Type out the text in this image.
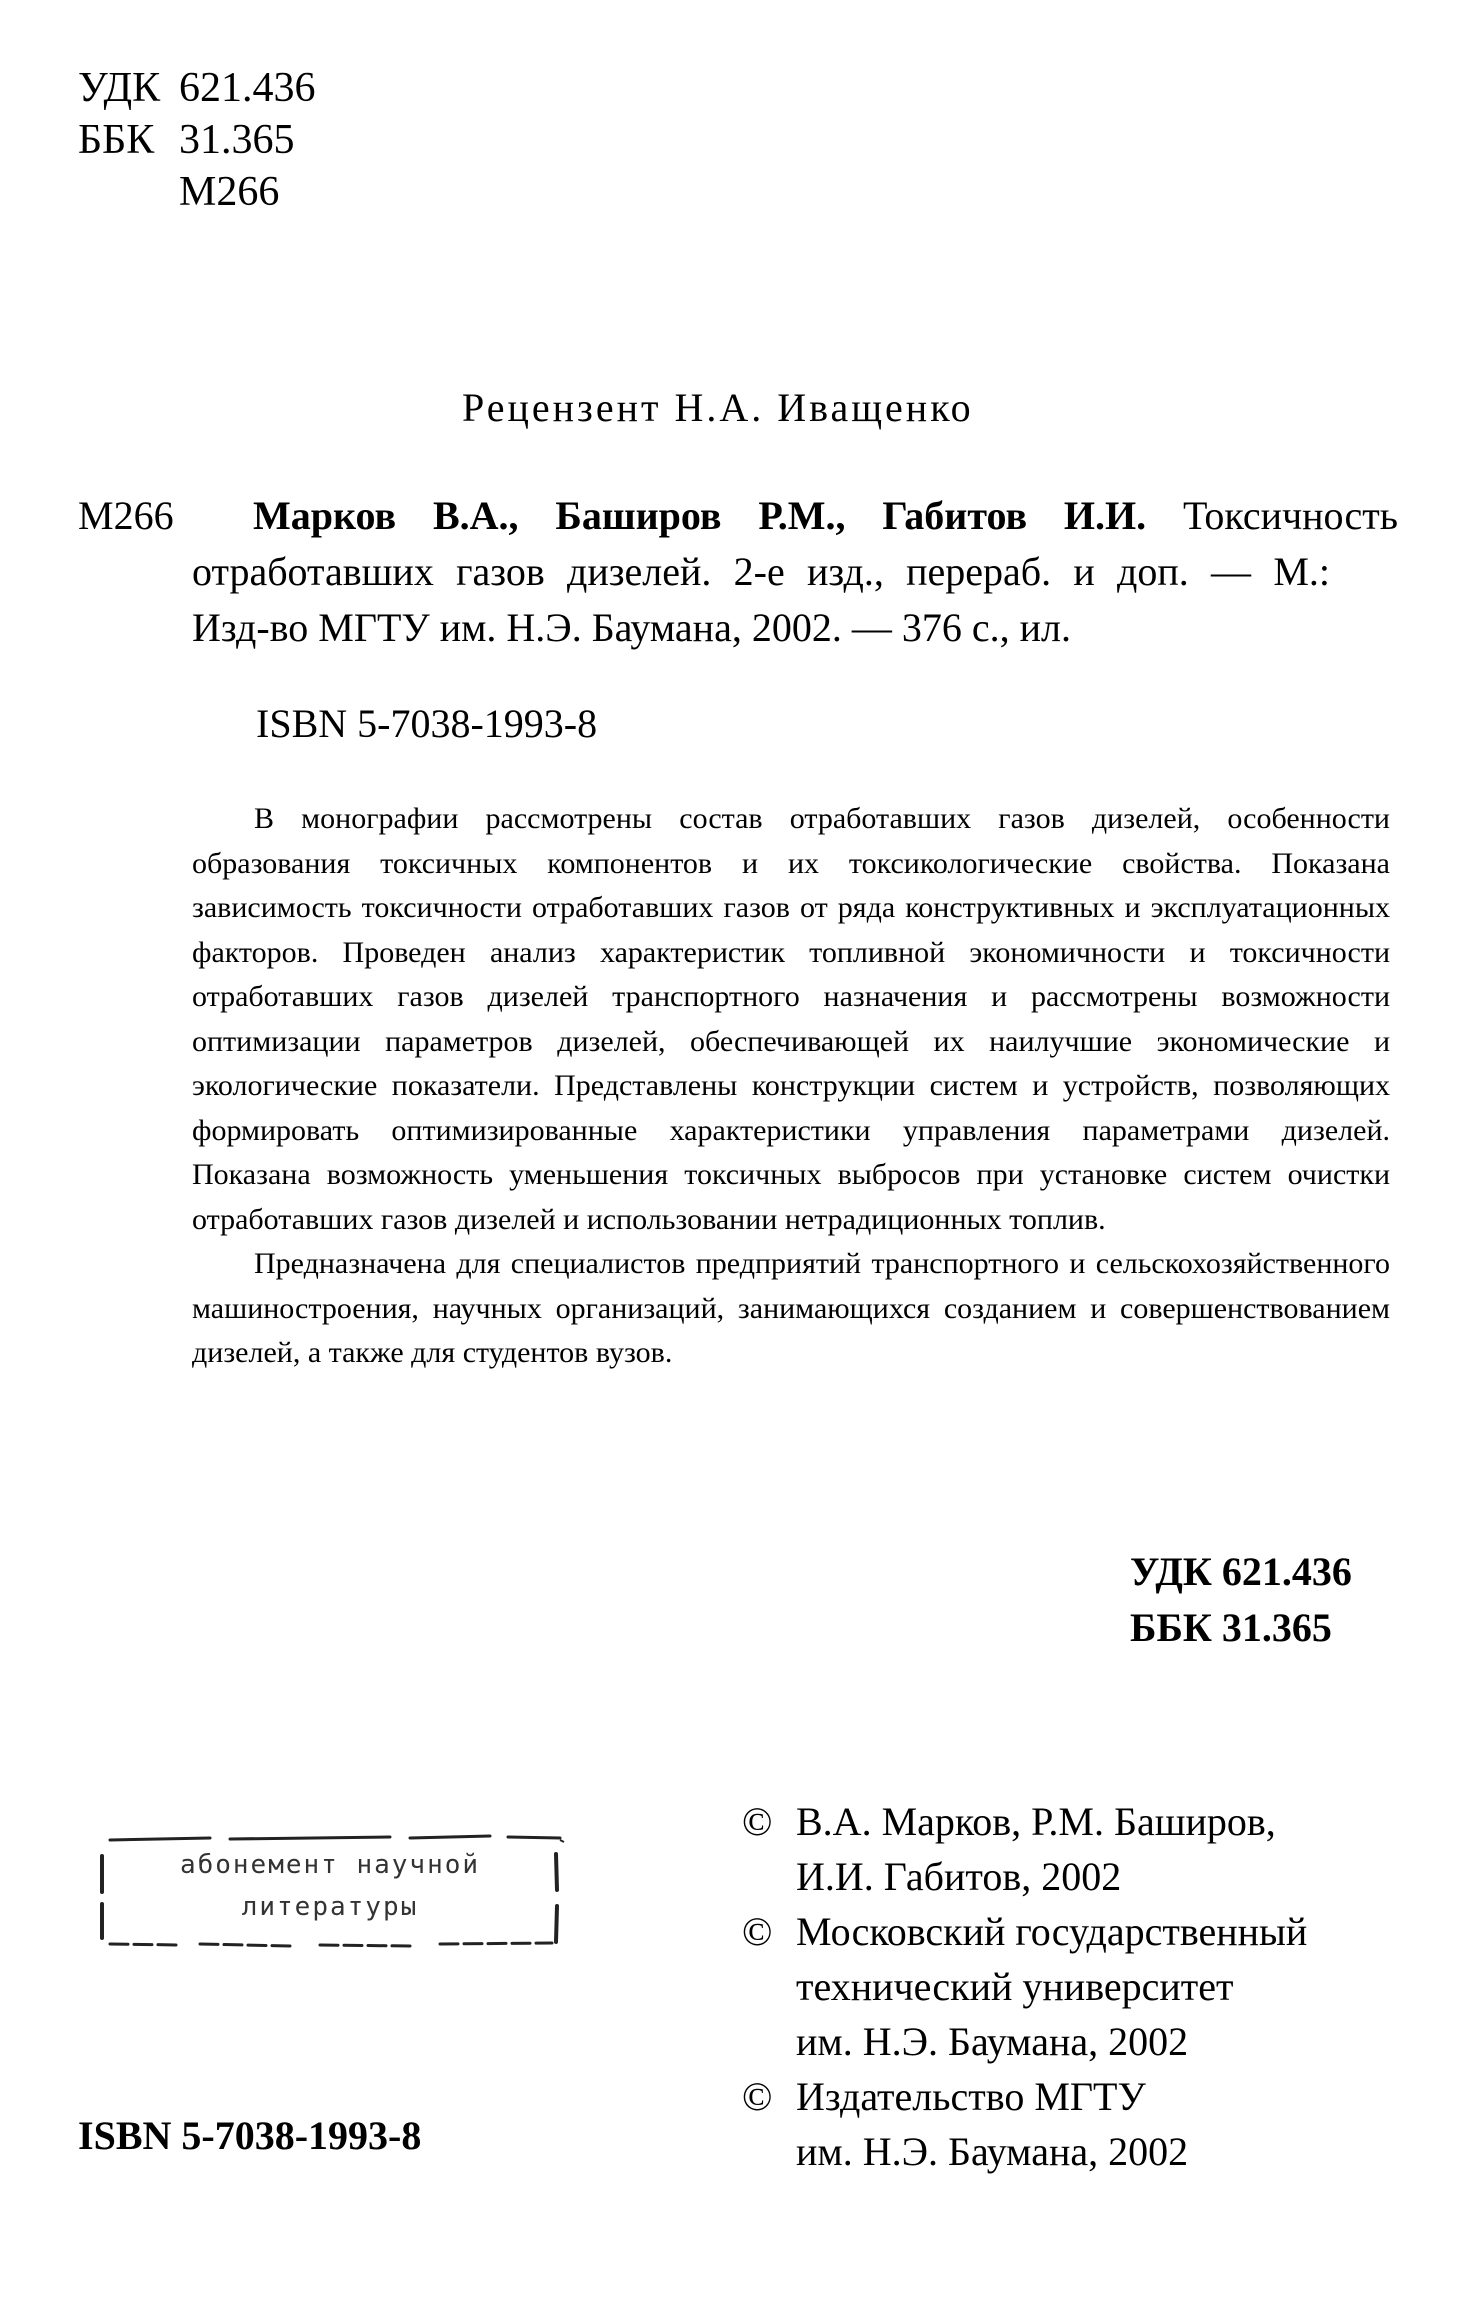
УДК 621.436
ББК 31.365
М266
Рецензент Н.А. Иващенко
М266 Марков В.А., Баширов Р.М., Габитов И.И. Токсичность
отработавших газов дизелей. 2-е изд., перераб. и доп. — М.:
Изд-во МГТУ им. Н.Э. Баумана, 2002. — 376 с., ил.
ISBN 5-7038-1993-8

В монографии рассмотрены состав отработавших газов дизелей, особенности образования токсичных компонентов и их токсикологические свойства. Показана зависимость токсичности отработавших газов от ряда конструктивных и эксплуатационных факторов. Проведен анализ характеристик топливной экономичности и токсичности отработавших газов дизелей транспортного назначения и рассмотрены возможности оптимизации параметров дизелей, обеспечивающей их наилучшие экономические и экологические показатели. Представлены конструкции систем и устройств, позволяющих формировать оптимизированные характеристики управления параметрами дизелей. Показана возможность уменьшения токсичных выбросов при установке систем очистки отработавших газов дизелей и использовании нетрадиционных топлив.

Предназначена для специалистов предприятий транспортного и сельскохозяйственного машиностроения, научных организаций, занимающихся созданием и совершенствованием дизелей, а также для студентов вузов.

УДК 621.436
ББК 31.365
абонемент научной
литературы
© В.А. Марков, Р.М. Баширов,
И.И. Габитов, 2002
© Московский государственный
технический университет
им. Н.Э. Баумана, 2002
© Издательство МГТУ
им. Н.Э. Баумана, 2002
ISBN 5-7038-1993-8
